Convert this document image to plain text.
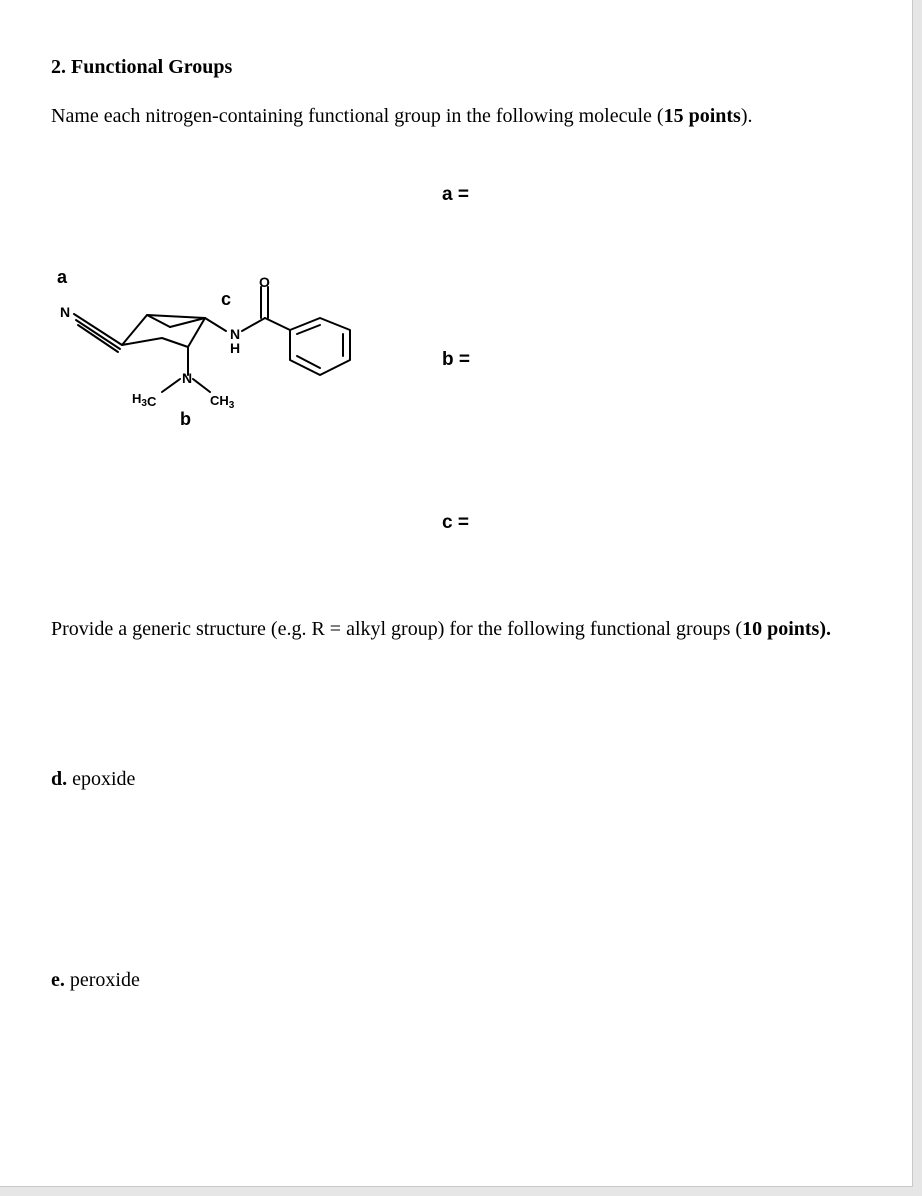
2. Functional Groups
Name each nitrogen-containing functional group in the following molecule (15 points).
a =
b =
c =
a
N
c
N
H
O
N
$H_3C$	$CH_3$
b
Provide a generic structure (e.g. R = alkyl group) for the following functional groups (10 points).
d. epoxide
e. peroxide
